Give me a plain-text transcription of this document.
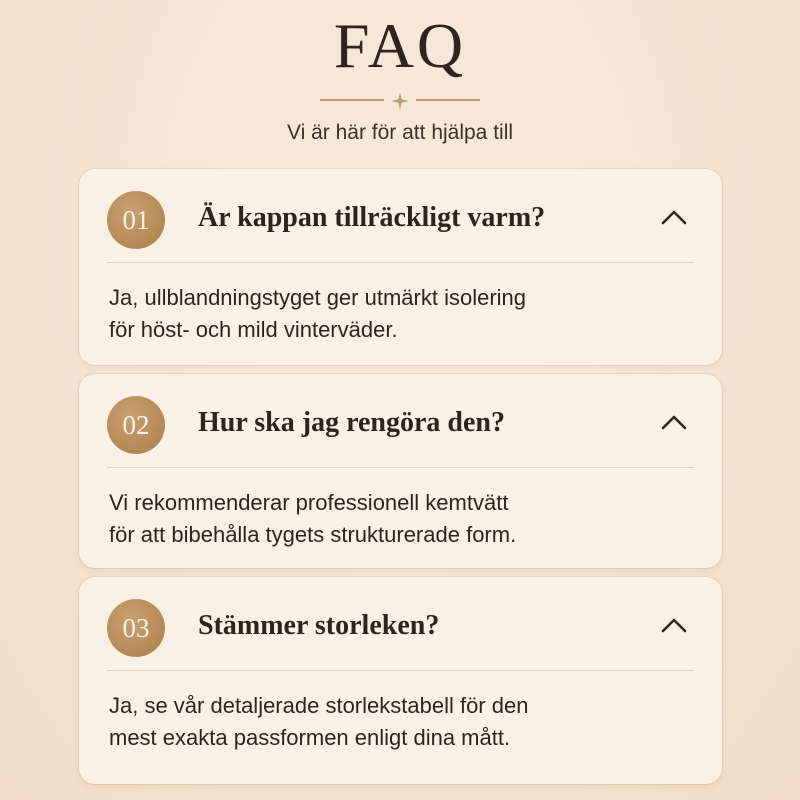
FAQ
Vi är här för att hjälpa till
01	Är kappan tillräckligt varm?
Ja, ullblandningstyget ger utmärkt isolering
för höst- och mild vinterväder.
02	Hur ska jag rengöra den?
Vi rekommenderar professionell kemtvätt
för att bibehålla tygets strukturerade form.
03	Stämmer storleken?
Ja, se vår detaljerade storlekstabell för den
mest exakta passformen enligt dina mått.
